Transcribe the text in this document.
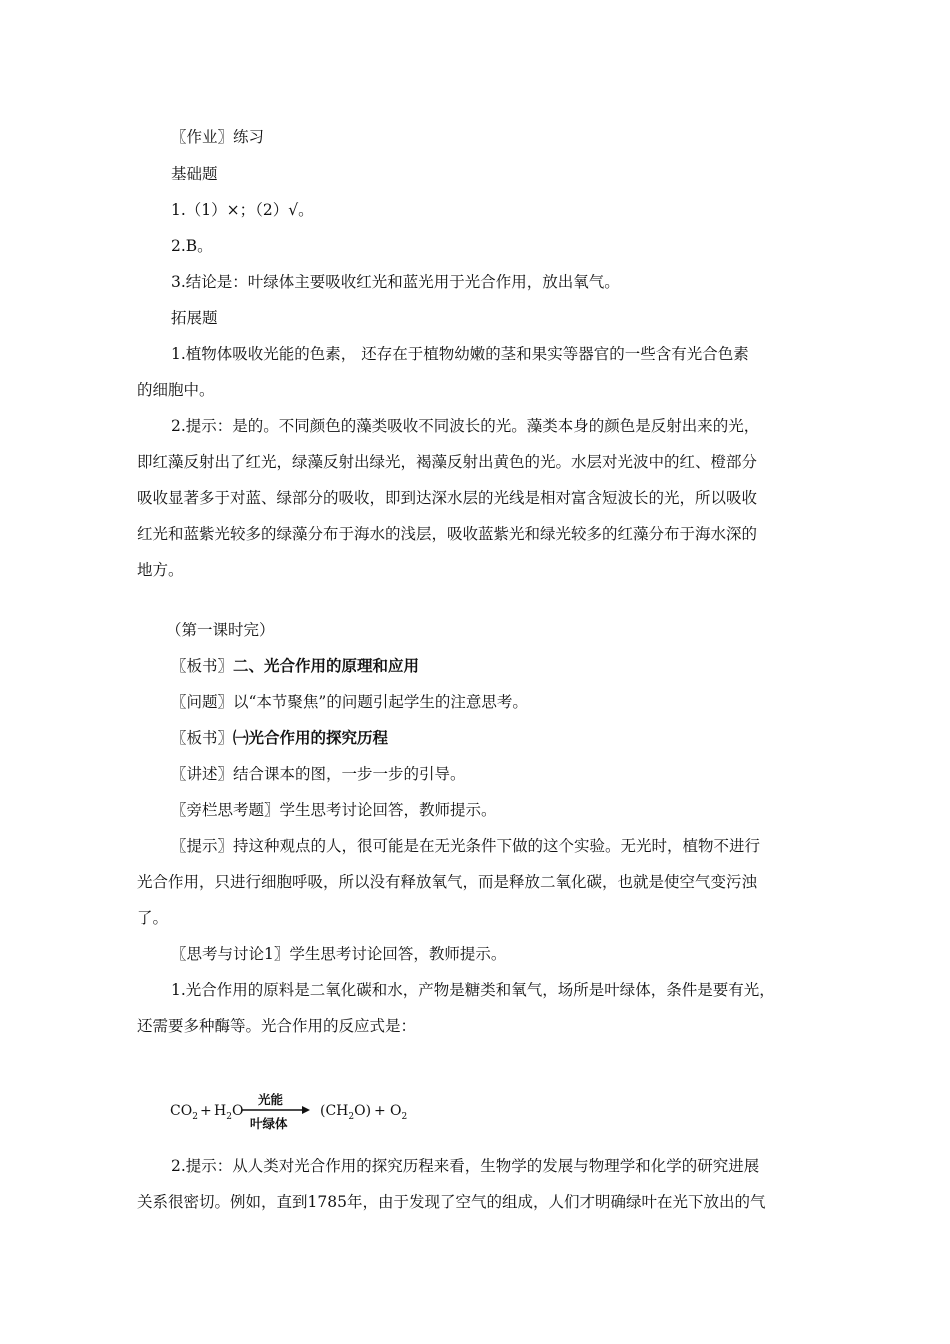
〖作业〗练习
基础题
1.（1）×；（2）√。
2.B。
3.结论是：叶绿体主要吸收红光和蓝光用于光合作用，放出氧气。
拓展题
1.植物体吸收光能的色素， 还存在于植物幼嫩的茎和果实等器官的一些含有光合色素
的细胞中。
2.提示：是的。不同颜色的藻类吸收不同波长的光。藻类本身的颜色是反射出来的光，
即红藻反射出了红光，绿藻反射出绿光，褐藻反射出黄色的光。水层对光波中的红、橙部分
吸收显著多于对蓝、绿部分的吸收，即到达深水层的光线是相对富含短波长的光，所以吸收
红光和蓝紫光较多的绿藻分布于海水的浅层，吸收蓝紫光和绿光较多的红藻分布于海水深的
地方。
（第一课时完）
〖板书〗二、光合作用的原理和应用
〖问题〗以“本节聚焦”的问题引起学生的注意思考。
〖板书〗㈠光合作用的探究历程
〖讲述〗结合课本的图，一步一步的引导。
〖旁栏思考题〗学生思考讨论回答，教师提示。
〖提示〗持这种观点的人，很可能是在无光条件下做的这个实验。无光时，植物不进行
光合作用，只进行细胞呼吸，所以没有释放氧气，而是释放二氧化碳，也就是使空气变污浊
了。
〖思考与讨论1〗学生思考讨论回答，教师提示。
1.光合作用的原料是二氧化碳和水，产物是糖类和氧气，场所是叶绿体，条件是要有光，
还需要多种酶等。光合作用的反应式是：
$CO_2 + H_2O$
光能
叶绿体
$(CH_2O) + O_2$
2.提示：从人类对光合作用的探究历程来看，生物学的发展与物理学和化学的研究进展
关系很密切。例如，直到1785年，由于发现了空气的组成，人们才明确绿叶在光下放出的气
